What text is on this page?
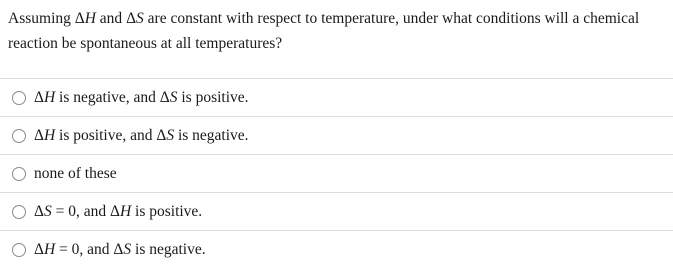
Assuming ΔH and ΔS are constant with respect to temperature, under what conditions will a chemical reaction be spontaneous at all temperatures?
ΔH is negative, and ΔS is positive.
ΔH is positive, and ΔS is negative.
none of these
ΔS = 0, and ΔH is positive.
ΔH = 0, and ΔS is negative.
